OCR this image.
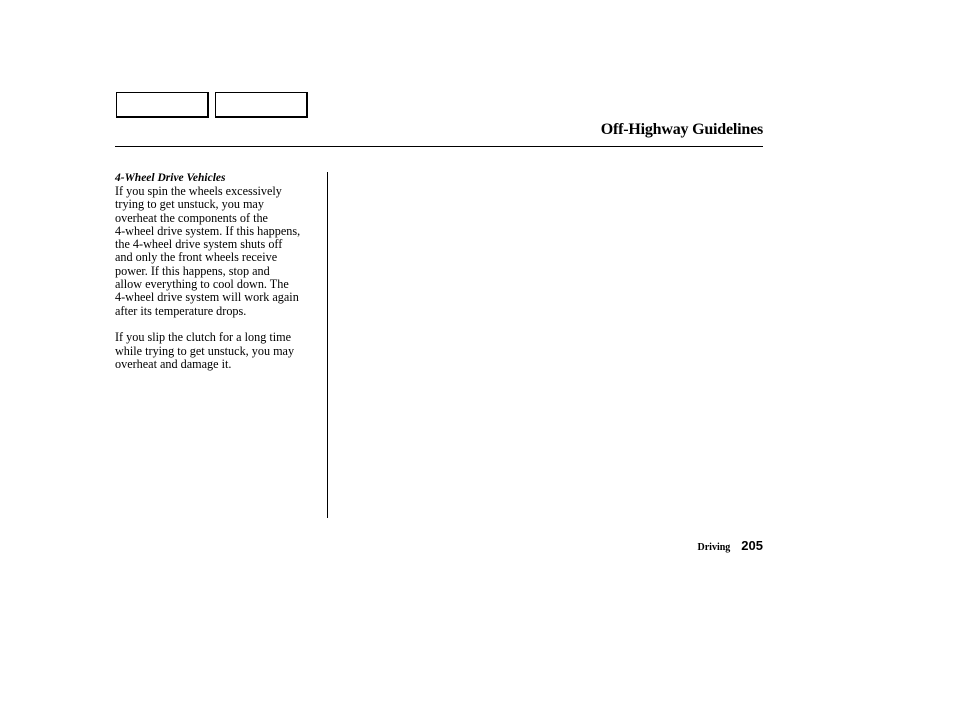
Off-Highway Guidelines

4-Wheel Drive Vehicles

If you spin the wheels excessively
trying to get unstuck, you may
overheat the components of the
4-wheel drive system. If this happens,
the 4-wheel drive system shuts off
and only the front wheels receive
power. If this happens, stop and
allow everything to cool down. The
4-wheel drive system will work again
after its temperature drops.

If you slip the clutch for a long time
while trying to get unstuck, you may
overheat and damage it.

Driving 205
